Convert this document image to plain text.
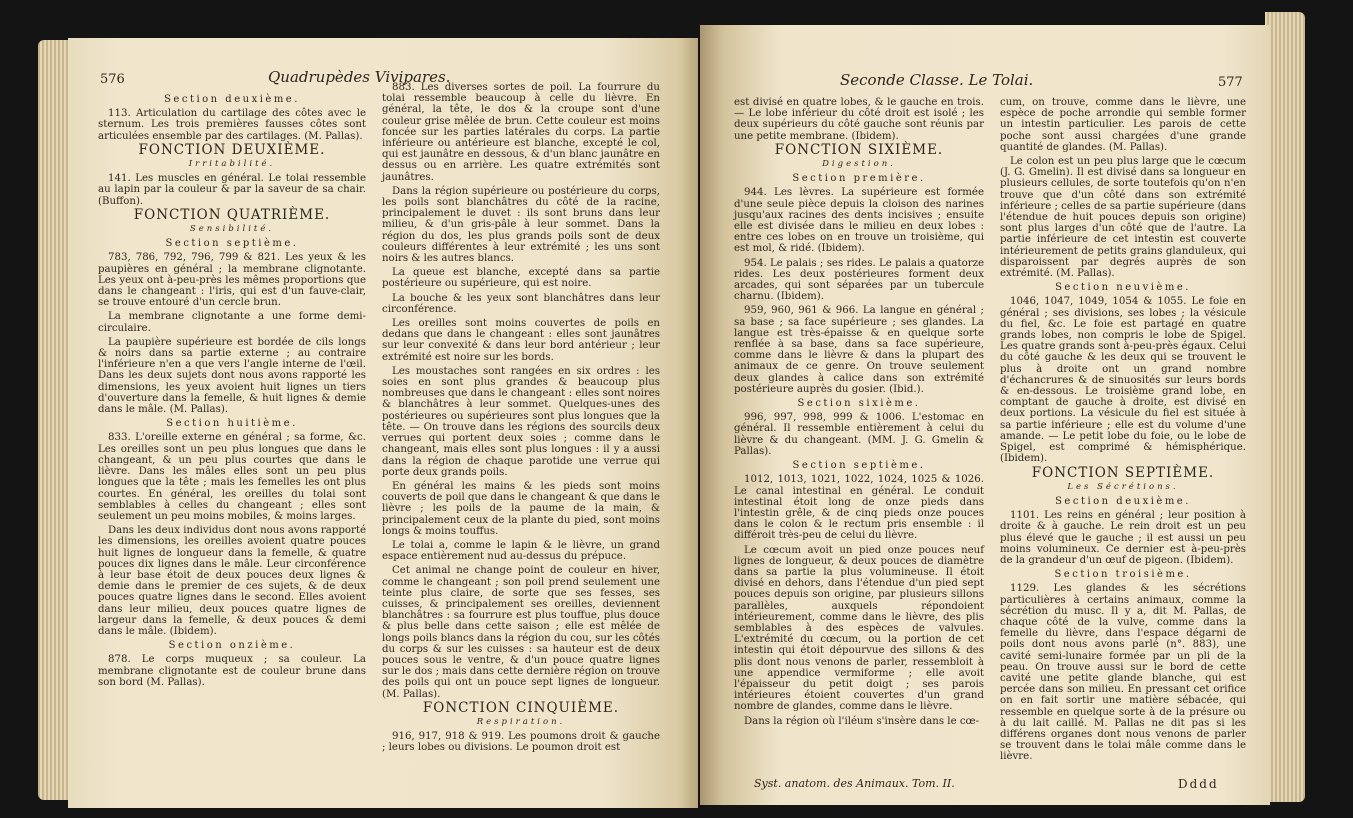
576	Quadrupèdes Vivipares.

Section deuxième.

113. Articulation du cartilage des côtes avec le sternum. Les trois premières fausses côtes sont articulées ensemble par des cartilages. (M. Pallas).

FONCTION DEUXIÈME.

Irritabilité.

141. Les muscles en général. Le tolai ressemble au lapin par la couleur & par la saveur de sa chair. (Buffon).

FONCTION QUATRIÈME.

Sensibilité.

Section septième.

783, 786, 792, 796, 799 & 821. Les yeux & les paupières en général ; la membrane clignotante. Les yeux ont à-peu-près les mêmes proportions que dans le changeant : l'iris, qui est d'un fauve-clair, se trouve entouré d'un cercle brun.

La membrane clignotante a une forme demi-circulaire.

La paupière supérieure est bordée de cils longs & noirs dans sa partie externe ; au contraire l'inférieure n'en a que vers l'angle interne de l'œil. Dans les deux sujets dont nous avons rapporté les dimensions, les yeux avoient huit lignes un tiers d'ouverture dans la femelle, & huit lignes & demie dans le mâle. (M. Pallas).

Section huitième.

833. L'oreille externe en général ; sa forme, &c. Les oreilles sont un peu plus longues que dans le changeant, & un peu plus courtes que dans le lièvre. Dans les mâles elles sont un peu plus longues que la tête ; mais les femelles les ont plus courtes. En général, les oreilles du tolai sont semblables à celles du changeant ; elles sont seulement un peu moins mobiles, & moins larges.

Dans les deux individus dont nous avons rapporté les dimensions, les oreilles avoient quatre pouces huit lignes de longueur dans la femelle, & quatre pouces dix lignes dans le mâle. Leur circonférence à leur base étoit de deux pouces deux lignes & demie dans le premier de ces sujets, & de deux pouces quatre lignes dans le second. Elles avoient dans leur milieu, deux pouces quatre lignes de largeur dans la femelle, & deux pouces & demi dans le mâle. (Ibidem).

Section onzième.

878. Le corps muqueux ; sa couleur. La membrane clignotante est de couleur brune dans son bord (M. Pallas).

883. Les diverses sortes de poil. La fourrure du tolai ressemble beaucoup à celle du lièvre. En général, la tête, le dos & la croupe sont d'une couleur grise mêlée de brun. Cette couleur est moins foncée sur les parties latérales du corps. La partie inférieure ou antérieure est blanche, excepté le col, qui est jaunâtre en dessous, & d'un blanc jaunâtre en dessus ou en arrière. Les quatre extrémités sont jaunâtres.

Dans la région supérieure ou postérieure du corps, les poils sont blanchâtres du côté de la racine, principalement le duvet : ils sont bruns dans leur milieu, & d'un gris-pâle à leur sommet. Dans la région du dos, les plus grands poils sont de deux couleurs différentes à leur extrémité ; les uns sont noirs & les autres blancs.

La queue est blanche, excepté dans sa partie postérieure ou supérieure, qui est noire.

La bouche & les yeux sont blanchâtres dans leur circonférence.

Les oreilles sont moins couvertes de poils en dedans que dans le changeant : elles sont jaunâtres sur leur convexité & dans leur bord antérieur ; leur extrémité est noire sur les bords.

Les moustaches sont rangées en six ordres : les soies en sont plus grandes & beaucoup plus nombreuses que dans le changeant : elles sont noires & blanchâtres à leur sommet. Quelques-unes des postérieures ou supérieures sont plus longues que la tête. — On trouve dans les régions des sourcils deux verrues qui portent deux soies ; comme dans le changeant, mais elles sont plus longues : il y a aussi dans la région de chaque parotide une verrue qui porte deux grands poils.

En général les mains & les pieds sont moins couverts de poil que dans le changeant & que dans le lièvre ; les poils de la paume de la main, & principalement ceux de la plante du pied, sont moins longs & moins touffus.

Le tolai a, comme le lapin & le lièvre, un grand espace entièrement nud au-dessus du prépuce.

Cet animal ne change point de couleur en hiver, comme le changeant ; son poil prend seulement une teinte plus claire, de sorte que ses fesses, ses cuisses, & principalement ses oreilles, deviennent blanchâtres : sa fourrure est plus touffue, plus douce & plus belle dans cette saison ; elle est mêlée de longs poils blancs dans la région du cou, sur les côtés du corps & sur les cuisses : sa hauteur est de deux pouces sous le ventre, & d'un pouce quatre lignes sur le dos ; mais dans cette dernière région on trouve des poils qui ont un pouce sept lignes de longueur. (M. Pallas).

FONCTION CINQUIÈME.

Respiration.

916, 917, 918 & 919. Les poumons droit & gauche ; leurs lobes ou divisions. Le poumon droit est

Seconde Classe. Le Tolai.	577

est divisé en quatre lobes, & le gauche en trois. — Le lobe inférieur du côté droit est isolé ; les deux supérieurs du côté gauche sont réunis par une petite membrane. (Ibidem).

FONCTION SIXIÈME.

Digestion.

Section première.

944. Les lèvres. La supérieure est formée d'une seule pièce depuis la cloison des narines jusqu'aux racines des dents incisives ; ensuite elle est divisée dans le milieu en deux lobes : entre ces lobes on en trouve un troisième, qui est mol, & ridé. (Ibidem).

954. Le palais ; ses rides. Le palais a quatorze rides. Les deux postérieures forment deux arcades, qui sont séparées par un tubercule charnu. (Ibidem).

959, 960, 961 & 966. La langue en général ; sa base ; sa face supérieure ; ses glandes. La langue est très-épaisse & en quelque sorte renflée à sa base, dans sa face supérieure, comme dans le lièvre & dans la plupart des animaux de ce genre. On trouve seulement deux glandes à calice dans son extrémité postérieure auprès du gosier. (Ibid.).

Section sixième.

996, 997, 998, 999 & 1006. L'estomac en général. Il ressemble entièrement à celui du lièvre & du changeant. (MM. J. G. Gmelin & Pallas).

Section septième.

1012, 1013, 1021, 1022, 1024, 1025 & 1026. Le canal intestinal en général. Le conduit intestinal étoit long de onze pieds dans l'intestin grêle, & de cinq pieds onze pouces dans le colon & le rectum pris ensemble : il différoit très-peu de celui du lièvre.

Le cœcum avoit un pied onze pouces neuf lignes de longueur, & deux pouces de diamètre dans sa partie la plus volumineuse. Il étoit divisé en dehors, dans l'étendue d'un pied sept pouces depuis son origine, par plusieurs sillons parallèles, auxquels répondoient intérieurement, comme dans le lièvre, des plis semblables à des espèces de valvules. L'extrémité du cœcum, ou la portion de cet intestin qui étoit dépourvue des sillons & des plis dont nous venons de parler, ressembloit à une appendice vermiforme ; elle avoit l'épaisseur du petit doigt ; ses parois intérieures étoient couvertes d'un grand nombre de glandes, comme dans le lièvre.

Dans la région où l'iléum s'insère dans le cœ-

Syst. anatom. des Animaux. Tom. II.

cum, on trouve, comme dans le lièvre, une espèce de poche arrondie qui semble former un intestin particulier. Les parois de cette poche sont aussi chargées d'une grande quantité de glandes. (M. Pallas).

Le colon est un peu plus large que le cœcum (J. G. Gmelin). Il est divisé dans sa longueur en plusieurs cellules, de sorte toutefois qu'on n'en trouve que d'un côté dans son extrémité inférieure ; celles de sa partie supérieure (dans l'étendue de huit pouces depuis son origine) sont plus larges d'un côté que de l'autre. La partie inférieure de cet intestin est couverte intérieurement de petits grains glanduleux, qui disparoissent par degrés auprès de son extrémité. (M. Pallas).

Section neuvième.

1046, 1047, 1049, 1054 & 1055. Le foie en général ; ses divisions, ses lobes ; la vésicule du fiel, &c. Le foie est partagé en quatre grands lobes, non compris le lobe de Spigel. Les quatre grands sont à-peu-près égaux. Celui du côté gauche & les deux qui se trouvent le plus à droite ont un grand nombre d'échancrures & de sinuosités sur leurs bords & en-dessous. Le troisième grand lobe, en comptant de gauche à droite, est divisé en deux portions. La vésicule du fiel est située à sa partie inférieure ; elle est du volume d'une amande. — Le petit lobe du foie, ou le lobe de Spigel, est comprimé & hémisphérique. (Ibidem).

FONCTION SEPTIÈME.

Les Sécrétions.

Section deuxième.

1101. Les reins en général ; leur position à droite & à gauche. Le rein droit est un peu plus élevé que le gauche ; il est aussi un peu moins volumineux. Ce dernier est à-peu-près de la grandeur d'un œuf de pigeon. (Ibidem).

Section troisième.

1129. Les glandes & les sécrétions particulières à certains animaux, comme la sécrétion du musc. Il y a, dit M. Pallas, de chaque côté de la vulve, comme dans la femelle du lièvre, dans l'espace dégarni de poils dont nous avons parlé (n°. 883), une cavité semi-lunaire formée par un pli de la peau. On trouve aussi sur le bord de cette cavité une petite glande blanche, qui est percée dans son milieu. En pressant cet orifice on en fait sortir une matière sébacée, qui ressemble en quelque sorte à de la présure ou à du lait caillé. M. Pallas ne dit pas si les différens organes dont nous venons de parler se trouvent dans le tolai mâle comme dans le lièvre.

Dddd
